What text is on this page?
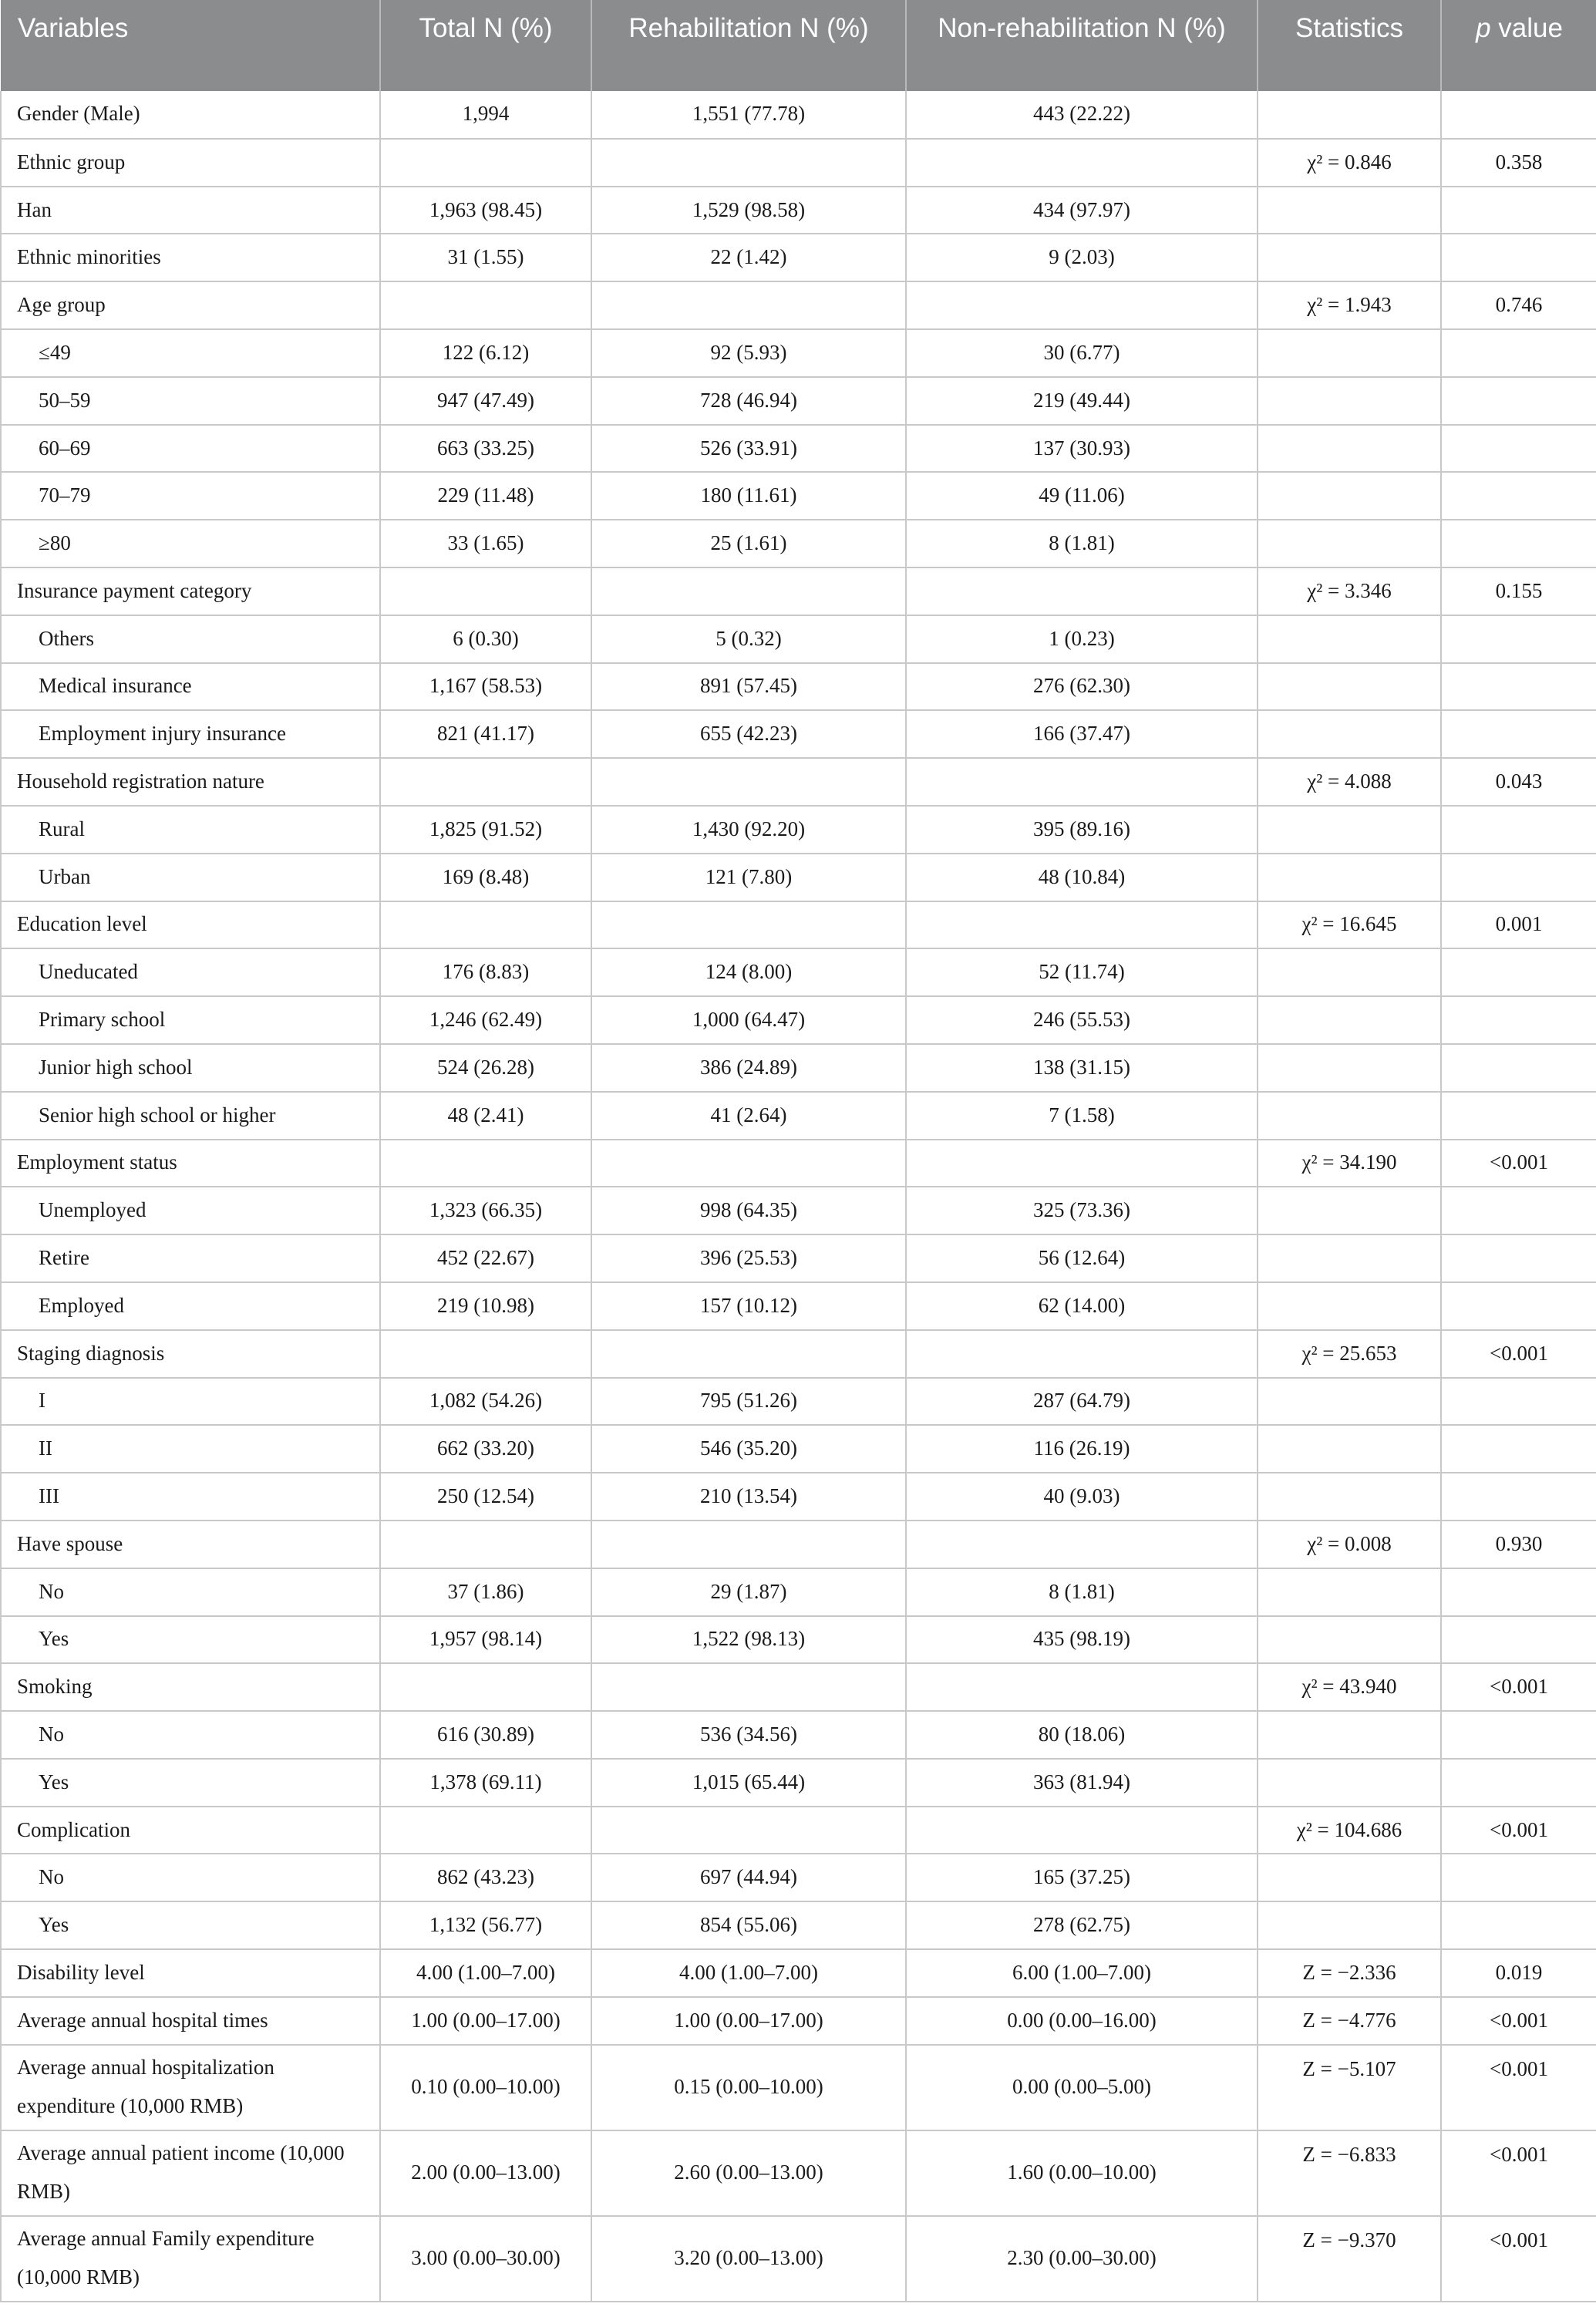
Variables	Total N (%)	Rehabilitation N (%)	Non-rehabilitation N (%)	Statistics	p value
Gender (Male)	1,994	1,551 (77.78)	443 (22.22)		
Ethnic group				χ² = 0.846	0.358
Han	1,963 (98.45)	1,529 (98.58)	434 (97.97)		
Ethnic minorities	31 (1.55)	22 (1.42)	9 (2.03)		
Age group				χ² = 1.943	0.746
≤49	122 (6.12)	92 (5.93)	30 (6.77)		
50–59	947 (47.49)	728 (46.94)	219 (49.44)		
60–69	663 (33.25)	526 (33.91)	137 (30.93)		
70–79	229 (11.48)	180 (11.61)	49 (11.06)		
≥80	33 (1.65)	25 (1.61)	8 (1.81)		
Insurance payment category				χ² = 3.346	0.155
Others	6 (0.30)	5 (0.32)	1 (0.23)		
Medical insurance	1,167 (58.53)	891 (57.45)	276 (62.30)		
Employment injury insurance	821 (41.17)	655 (42.23)	166 (37.47)		
Household registration nature				χ² = 4.088	0.043
Rural	1,825 (91.52)	1,430 (92.20)	395 (89.16)		
Urban	169 (8.48)	121 (7.80)	48 (10.84)		
Education level				χ² = 16.645	0.001
Uneducated	176 (8.83)	124 (8.00)	52 (11.74)		
Primary school	1,246 (62.49)	1,000 (64.47)	246 (55.53)		
Junior high school	524 (26.28)	386 (24.89)	138 (31.15)		
Senior high school or higher	48 (2.41)	41 (2.64)	7 (1.58)		
Employment status				χ² = 34.190	<0.001
Unemployed	1,323 (66.35)	998 (64.35)	325 (73.36)		
Retire	452 (22.67)	396 (25.53)	56 (12.64)		
Employed	219 (10.98)	157 (10.12)	62 (14.00)		
Staging diagnosis				χ² = 25.653	<0.001
I	1,082 (54.26)	795 (51.26)	287 (64.79)		
II	662 (33.20)	546 (35.20)	116 (26.19)		
III	250 (12.54)	210 (13.54)	40 (9.03)		
Have spouse				χ² = 0.008	0.930
No	37 (1.86)	29 (1.87)	8 (1.81)		
Yes	1,957 (98.14)	1,522 (98.13)	435 (98.19)		
Smoking				χ² = 43.940	<0.001
No	616 (30.89)	536 (34.56)	80 (18.06)		
Yes	1,378 (69.11)	1,015 (65.44)	363 (81.94)		
Complication				χ² = 104.686	<0.001
No	862 (43.23)	697 (44.94)	165 (37.25)		
Yes	1,132 (56.77)	854 (55.06)	278 (62.75)		
Disability level	4.00 (1.00–7.00)	4.00 (1.00–7.00)	6.00 (1.00–7.00)	Z = −2.336	0.019
Average annual hospital times	1.00 (0.00–17.00)	1.00 (0.00–17.00)	0.00 (0.00–16.00)	Z = −4.776	<0.001
Average annual hospitalization expenditure (10,000 RMB)	0.10 (0.00–10.00)	0.15 (0.00–10.00)	0.00 (0.00–5.00)	Z = −5.107	<0.001
Average annual patient income (10,000 RMB)	2.00 (0.00–13.00)	2.60 (0.00–13.00)	1.60 (0.00–10.00)	Z = −6.833	<0.001
Average annual Family expenditure (10,000 RMB)	3.00 (0.00–30.00)	3.20 (0.00–13.00)	2.30 (0.00–30.00)	Z = −9.370	<0.001
